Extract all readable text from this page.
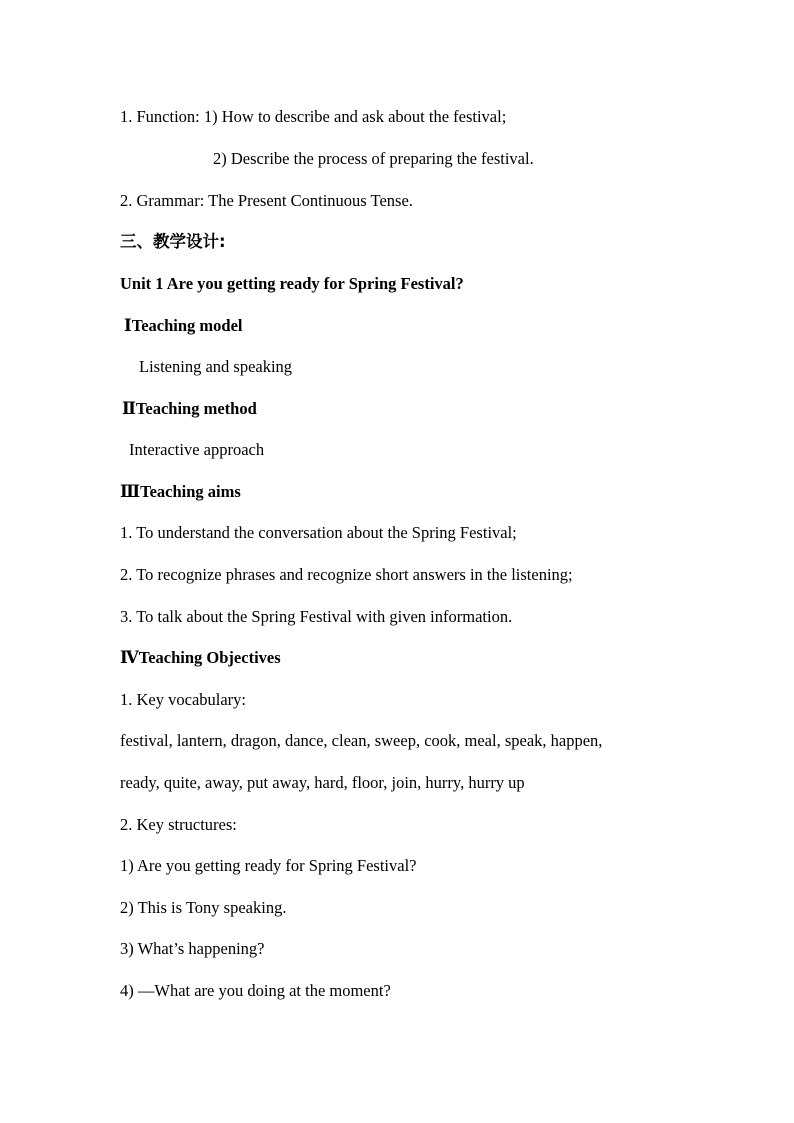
1. Function: 1) How to describe and ask about the festival;
2) Describe the process of preparing the festival.
2. Grammar: The Present Continuous Tense.
三、教学设计:
Unit 1 Are you getting ready for Spring Festival?
ⅠTeaching model
Listening and speaking
ⅡTeaching method
Interactive approach
ⅢTeaching aims
1. To understand the conversation about the Spring Festival;
2. To recognize phrases and recognize short answers in the listening;
3. To talk about the Spring Festival with given information.
ⅣTeaching Objectives
1. Key vocabulary:
festival, lantern, dragon, dance, clean, sweep, cook, meal, speak, happen,
ready, quite, away, put away, hard, floor, join, hurry, hurry up
2. Key structures:
1) Are you getting ready for Spring Festival?
2) This is Tony speaking.
3) What’s happening?
4) —What are you doing at the moment?
